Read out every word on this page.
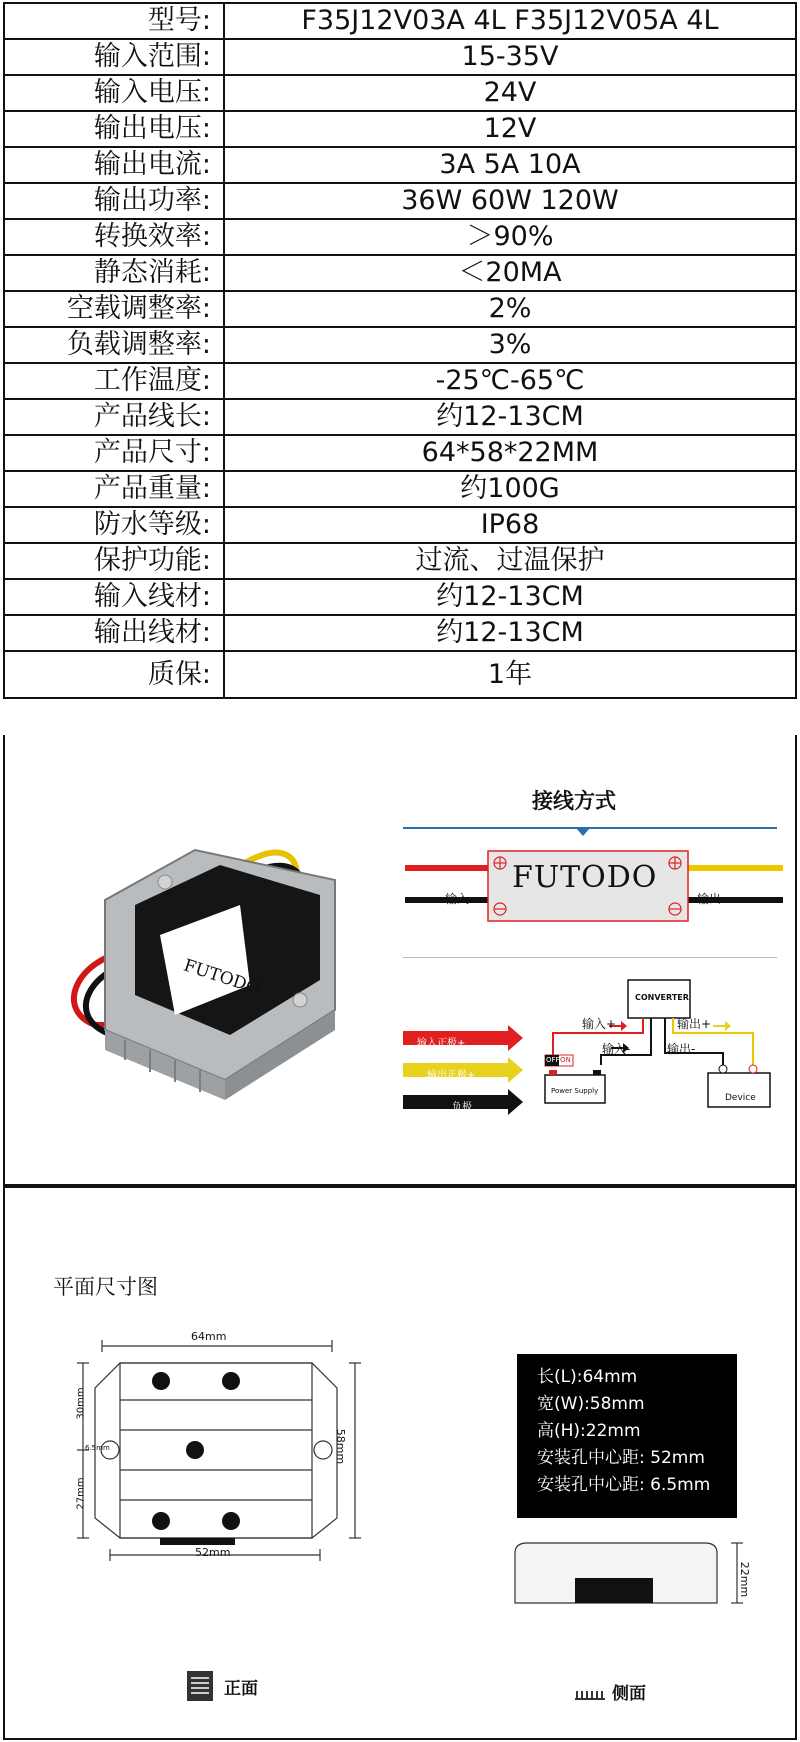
型号:	F35J12V03A 4L F35J12V05A 4L
输入范围:	15-35V
输入电压:	24V
输出电压:	12V
输出电流:	3A 5A 10A
输出功率:	36W 60W 120W
转换效率:	＞90%
静态消耗:	＜20MA
空载调整率:	2%
负载调整率:	3%
工作温度:	-25℃-65℃
产品线长:	约12-13CM
产品尺寸:	64*58*22MM
产品重量:	约100G
防水等级:	IP68
保护功能:	过流、过温保护
输入线材:	约12-13CM
输出线材:	约12-13CM
质保:	1年
FUTODO
接线方式
FUTODO
输入	输出
输入正极+
输出正极+
负极
CONVERTER
输入+
输入-
输出+
输出-
OFF ON
Power Supply
Device
平面尺寸图
64mm
52mm
58mm
30mm
27mm
6.5mm
长(L):64mm
宽(W):58mm
高(H):22mm
安装孔中心距: 52mm
安装孔中心距: 6.5mm
22mm
正面	侧面
